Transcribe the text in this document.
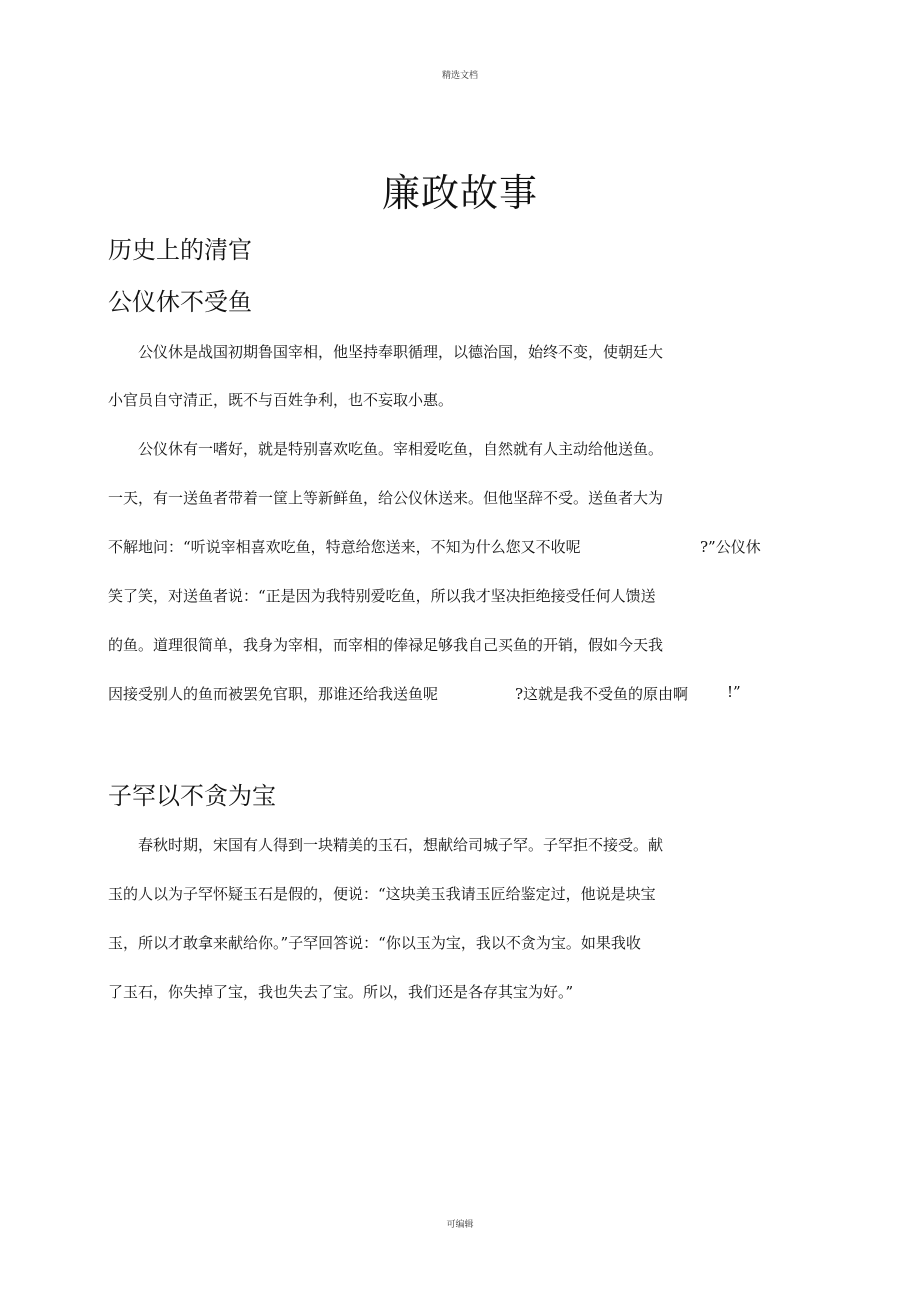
精选文档
廉政故事
历史上的清官
公仪休不受鱼

公仪休是战国初期鲁国宰相，他坚持奉职循理，以德治国，始终不变，使朝廷大

小官员自守清正，既不与百姓争利，也不妄取小惠。

公仪休有一嗜好，就是特别喜欢吃鱼。宰相爱吃鱼，自然就有人主动给他送鱼。

一天，有一送鱼者带着一筐上等新鲜鱼，给公仪休送来。但他坚辞不受。送鱼者大为

不解地问：“听说宰相喜欢吃鱼，特意给您送来，不知为什么您又不收呢	?”公仪休

笑了笑，对送鱼者说：“正是因为我特别爱吃鱼，所以我才坚决拒绝接受任何人馈送

的鱼。道理很简单，我身为宰相，而宰相的俸禄足够我自己买鱼的开销，假如今天我

因接受别人的鱼而被罢免官职，那谁还给我送鱼呢	?这就是我不受鱼的原由啊	!”

子罕以不贪为宝

春秋时期，宋国有人得到一块精美的玉石，想献给司城子罕。子罕拒不接受。献

玉的人以为子罕怀疑玉石是假的，便说：“这块美玉我请玉匠给鉴定过，他说是块宝

玉，所以才敢拿来献给你。”子罕回答说：“你以玉为宝，我以不贪为宝。如果我收

了玉石，你失掉了宝，我也失去了宝。所以，我们还是各存其宝为好。”

可编辑
